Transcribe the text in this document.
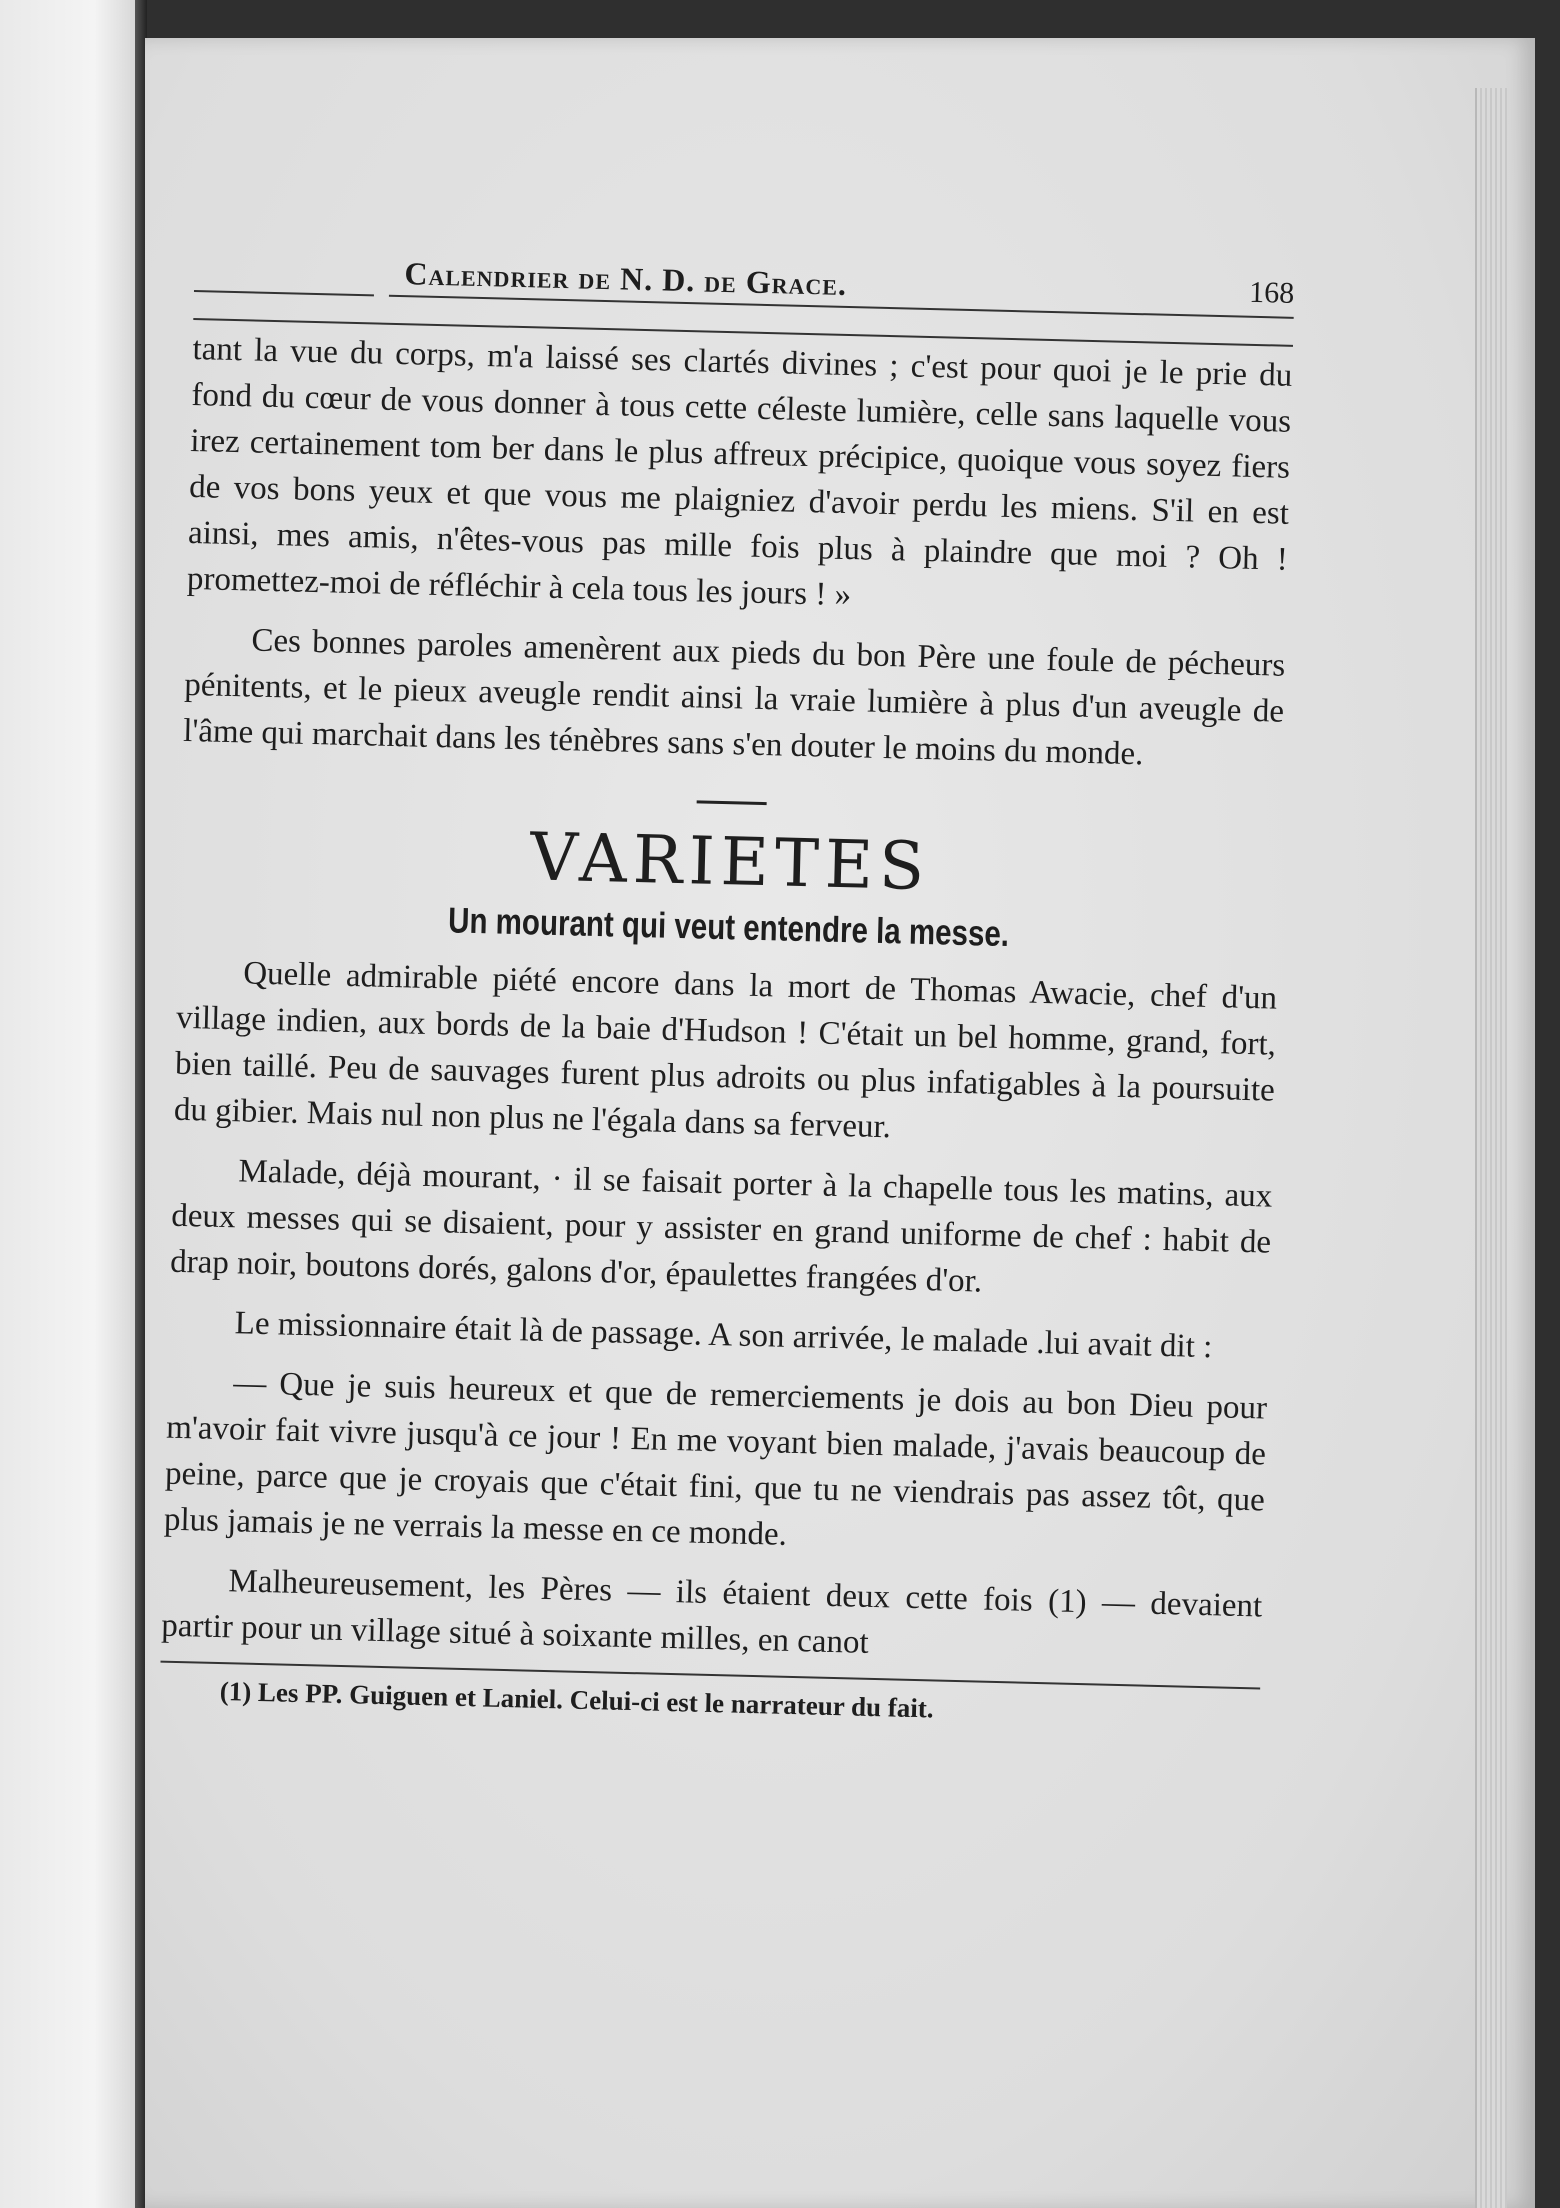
Calendrier de N. D. de Grace.	168

tant la vue du corps, m'a laissé ses clartés divines ; c'est pour quoi je le prie du fond du cœur de vous donner à tous cette céleste lumière, celle sans laquelle vous irez certainement tom ber dans le plus affreux précipice, quoique vous soyez fiers de vos bons yeux et que vous me plaigniez d'avoir perdu les miens. S'il en est ainsi, mes amis, n'êtes-vous pas mille fois plus à plaindre que moi ? Oh ! promettez-moi de réfléchir à cela tous les jours ! »

Ces bonnes paroles amenèrent aux pieds du bon Père une foule de pécheurs pénitents, et le pieux aveugle rendit ainsi la vraie lumière à plus d'un aveugle de l'âme qui marchait dans les ténèbres sans s'en douter le moins du monde.

VARIETES
Un mourant qui veut entendre la messe.

Quelle admirable piété encore dans la mort de Thomas Awacie, chef d'un village indien, aux bords de la baie d'Hudson ! C'était un bel homme, grand, fort, bien taillé. Peu de sauvages furent plus adroits ou plus infatigables à la poursuite du gibier. Mais nul non plus ne l'égala dans sa ferveur.

Malade, déjà mourant, · il se faisait porter à la chapelle tous les matins, aux deux messes qui se disaient, pour y assister en grand uniforme de chef : habit de drap noir, boutons dorés, galons d'or, épaulettes frangées d'or.

Le missionnaire était là de passage. A son arrivée, le malade .lui avait dit :

— Que je suis heureux et que de remerciements je dois au bon Dieu pour m'avoir fait vivre jusqu'à ce jour ! En me voyant bien malade, j'avais beaucoup de peine, parce que je croyais que c'était fini, que tu ne viendrais pas assez tôt, que plus jamais je ne verrais la messe en ce monde.

Malheureusement, les Pères — ils étaient deux cette fois (1) — devaient partir pour un village situé à soixante milles, en canot

(1) Les PP. Guiguen et Laniel. Celui-ci est le narrateur du fait.
